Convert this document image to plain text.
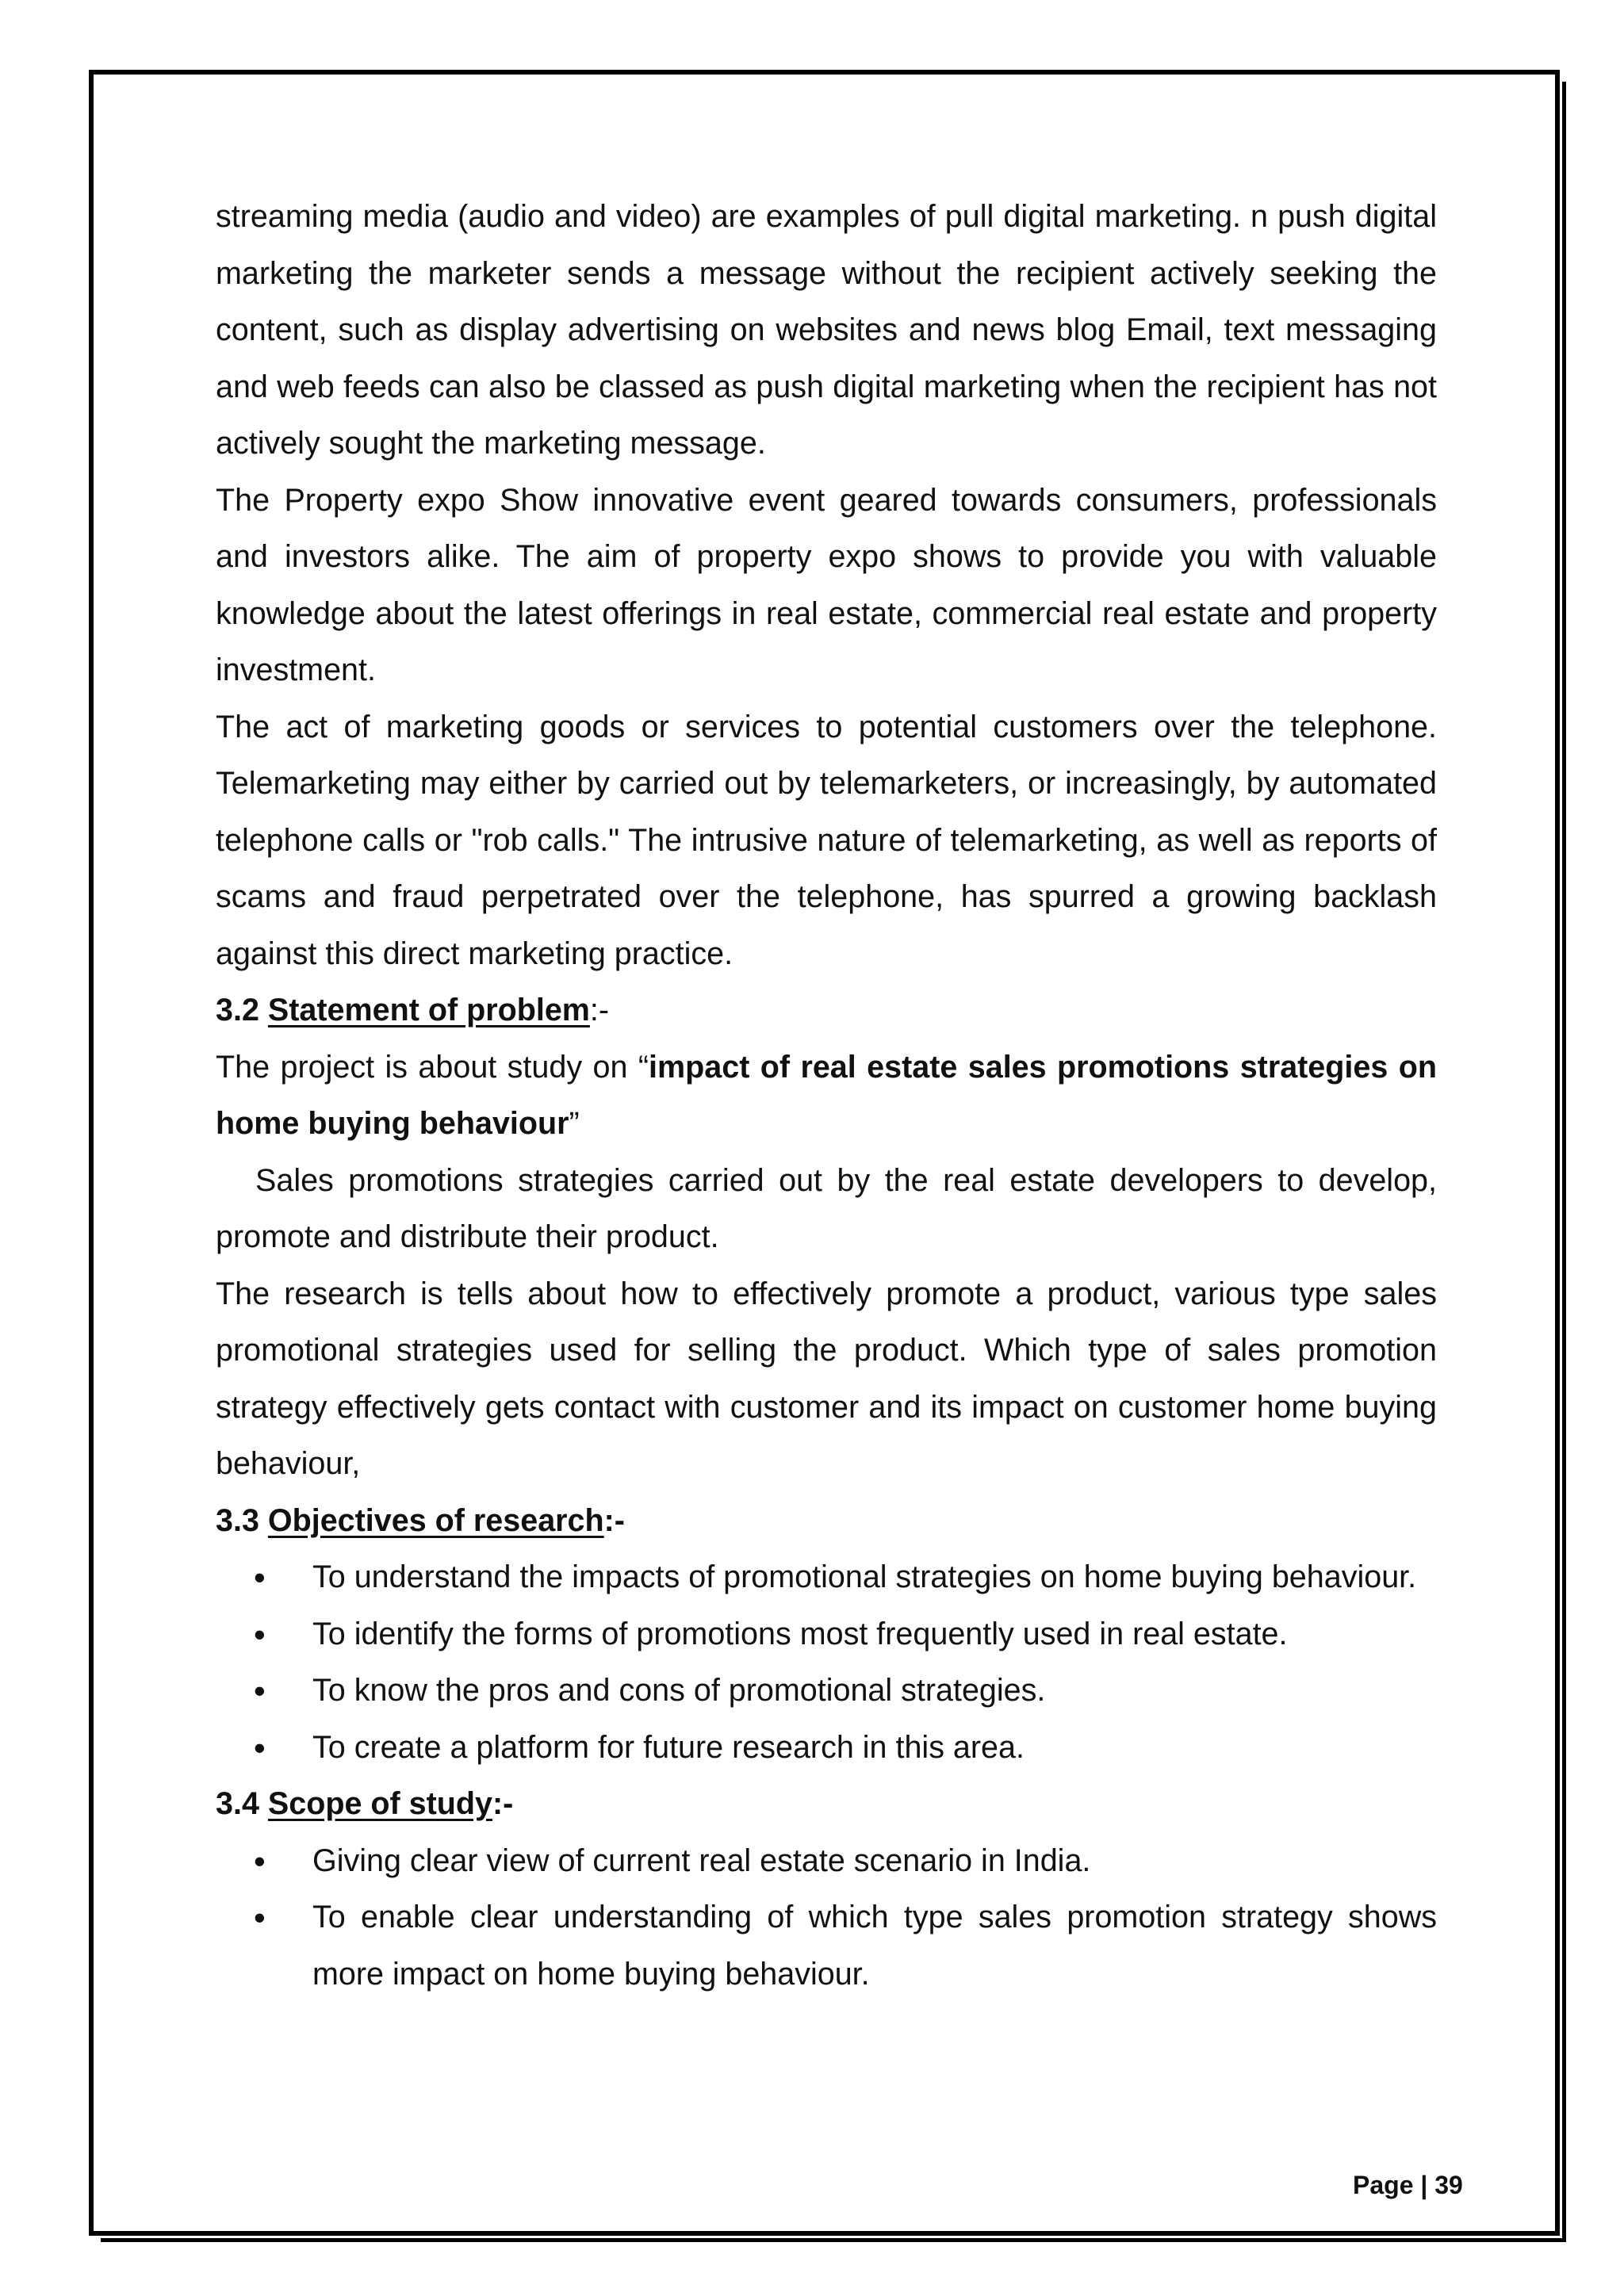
streaming media (audio and video) are examples of pull digital marketing. n push digital marketing the marketer sends a message without the recipient actively seeking the content, such as display advertising on websites and news blog Email, text messaging and web feeds can also be classed as push digital marketing when the recipient has not actively sought the marketing message.

The Property expo Show innovative event geared towards consumers, professionals and investors alike. The aim of property expo shows to provide you with valuable knowledge about the latest offerings in real estate, commercial real estate and property investment.

The act of marketing goods or services to potential customers over the telephone. Telemarketing may either by carried out by telemarketers, or increasingly, by automated telephone calls or "rob calls." The intrusive nature of telemarketing, as well as reports of scams and fraud perpetrated over the telephone, has spurred a growing backlash against this direct marketing practice.

3.2 Statement of problem:-

The project is about study on “impact of real estate sales promotions strategies on home buying behaviour”

Sales promotions strategies carried out by the real estate developers to develop, promote and distribute their product.

The research is tells about how to effectively promote a product, various type sales promotional strategies used for selling the product. Which type of sales promotion strategy effectively gets contact with customer and its impact on customer home buying behaviour,

3.3 Objectives of research:-

• To understand the impacts of promotional strategies on home buying behaviour.
• To identify the forms of promotions most frequently used in real estate.
• To know the pros and cons of promotional strategies.
• To create a platform for future research in this area.

3.4 Scope of study:-

• Giving clear view of current real estate scenario in India.
• To enable clear understanding of which type sales promotion strategy shows more impact on home buying behaviour.
Page | 39
